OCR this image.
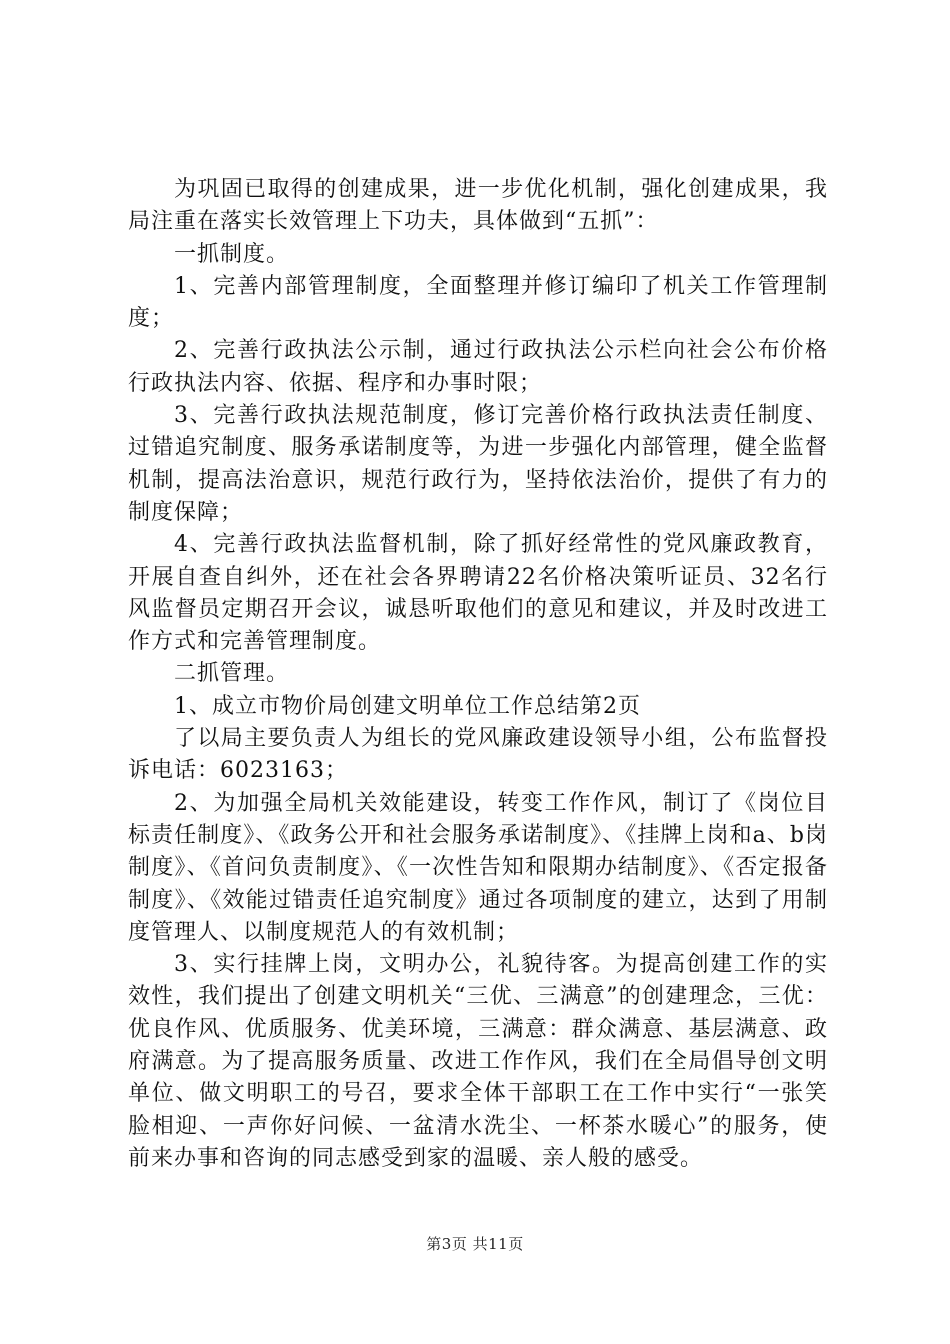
为巩固已取得的创建成果，进一步优化机制，强化创建成果，我局注重在落实长效管理上下功夫，具体做到“五抓”：

一抓制度。

1、完善内部管理制度，全面整理并修订编印了机关工作管理制度；

2、完善行政执法公示制，通过行政执法公示栏向社会公布价格行政执法内容、依据、程序和办事时限；

3、完善行政执法规范制度，修订完善价格行政执法责任制度、过错追究制度、服务承诺制度等，为进一步强化内部管理，健全监督机制，提高法治意识，规范行政行为，坚持依法治价，提供了有力的制度保障；

4、完善行政执法监督机制，除了抓好经常性的党风廉政教育，开展自查自纠外，还在社会各界聘请22名价格决策听证员、32名行风监督员定期召开会议，诚恳听取他们的意见和建议，并及时改进工作方式和完善管理制度。

二抓管理。

1、成立市物价局创建文明单位工作总结第2页

了以局主要负责人为组长的党风廉政建设领导小组，公布监督投诉电话：6023163；

2、为加强全局机关效能建设，转变工作作风，制订了《岗位目标责任制度》、《政务公开和社会服务承诺制度》、《挂牌上岗和a、b岗制度》、《首问负责制度》、《一次性告知和限期办结制度》、《否定报备制度》、《效能过错责任追究制度》通过各项制度的建立，达到了用制度管理人、以制度规范人的有效机制；

3、实行挂牌上岗，文明办公，礼貌待客。为提高创建工作的实效性，我们提出了创建文明机关“三优、三满意”的创建理念，三优：优良作风、优质服务、优美环境，三满意：群众满意、基层满意、政府满意。为了提高服务质量、改进工作作风，我们在全局倡导创文明单位、做文明职工的号召，要求全体干部职工在工作中实行“一张笑脸相迎、一声你好问候、一盆清水洗尘、一杯茶水暖心”的服务，使前来办事和咨询的同志感受到家的温暖、亲人般的感受。

第3页 共11页
